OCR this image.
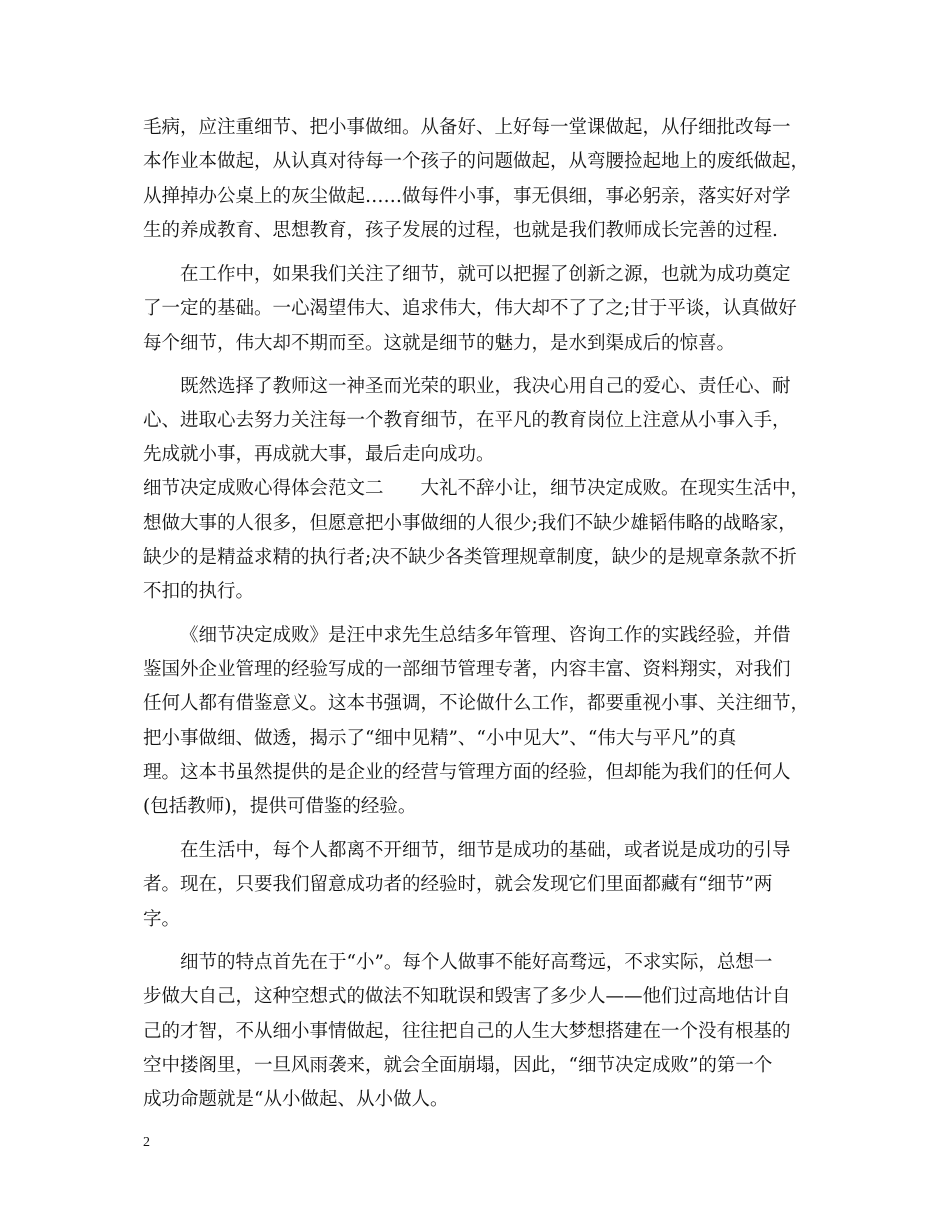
毛病，应注重细节、把小事做细。从备好、上好每一堂课做起，从仔细批改每一
本作业本做起，从认真对待每一个孩子的问题做起，从弯腰捡起地上的废纸做起，
从掸掉办公桌上的灰尘做起……做每件小事，事无俱细，事必躬亲，落实好对学
生的养成教育、思想教育，孩子发展的过程，也就是我们教师成长完善的过程.
在工作中，如果我们关注了细节，就可以把握了创新之源，也就为成功奠定
了一定的基础。一心渴望伟大、追求伟大，伟大却不了了之;甘于平谈，认真做好
每个细节，伟大却不期而至。这就是细节的魅力，是水到渠成后的惊喜。
既然选择了教师这一神圣而光荣的职业，我决心用自己的爱心、责任心、耐
心、进取心去努力关注每一个教育细节，在平凡的教育岗位上注意从小事入手，
先成就小事，再成就大事，最后走向成功。
细节决定成败心得体会范文二　　大礼不辞小让，细节决定成败。在现实生活中，
想做大事的人很多，但愿意把小事做细的人很少;我们不缺少雄韬伟略的战略家，
缺少的是精益求精的执行者;决不缺少各类管理规章制度，缺少的是规章条款不折
不扣的执行。
《细节决定成败》是汪中求先生总结多年管理、咨询工作的实践经验，并借
鉴国外企业管理的经验写成的一部细节管理专著，内容丰富、资料翔实，对我们
任何人都有借鉴意义。这本书强调，不论做什么工作，都要重视小事、关注细节，
把小事做细、做透，揭示了“细中见精”、“小中见大”、“伟大与平凡”的真
理。这本书虽然提供的是企业的经营与管理方面的经验，但却能为我们的任何人
(包括教师)，提供可借鉴的经验。
在生活中，每个人都离不开细节，细节是成功的基础，或者说是成功的引导
者。现在，只要我们留意成功者的经验时，就会发现它们里面都藏有“细节”两
字。
细节的特点首先在于“小”。每个人做事不能好高骛远，不求实际，总想一
步做大自己，这种空想式的做法不知耽误和毁害了多少人——他们过高地估计自
己的才智，不从细小事情做起，往往把自己的人生大梦想搭建在一个没有根基的
空中搂阁里，一旦风雨袭来，就会全面崩塌，因此，“细节决定成败”的第一个
成功命题就是“从小做起、从小做人。
2
